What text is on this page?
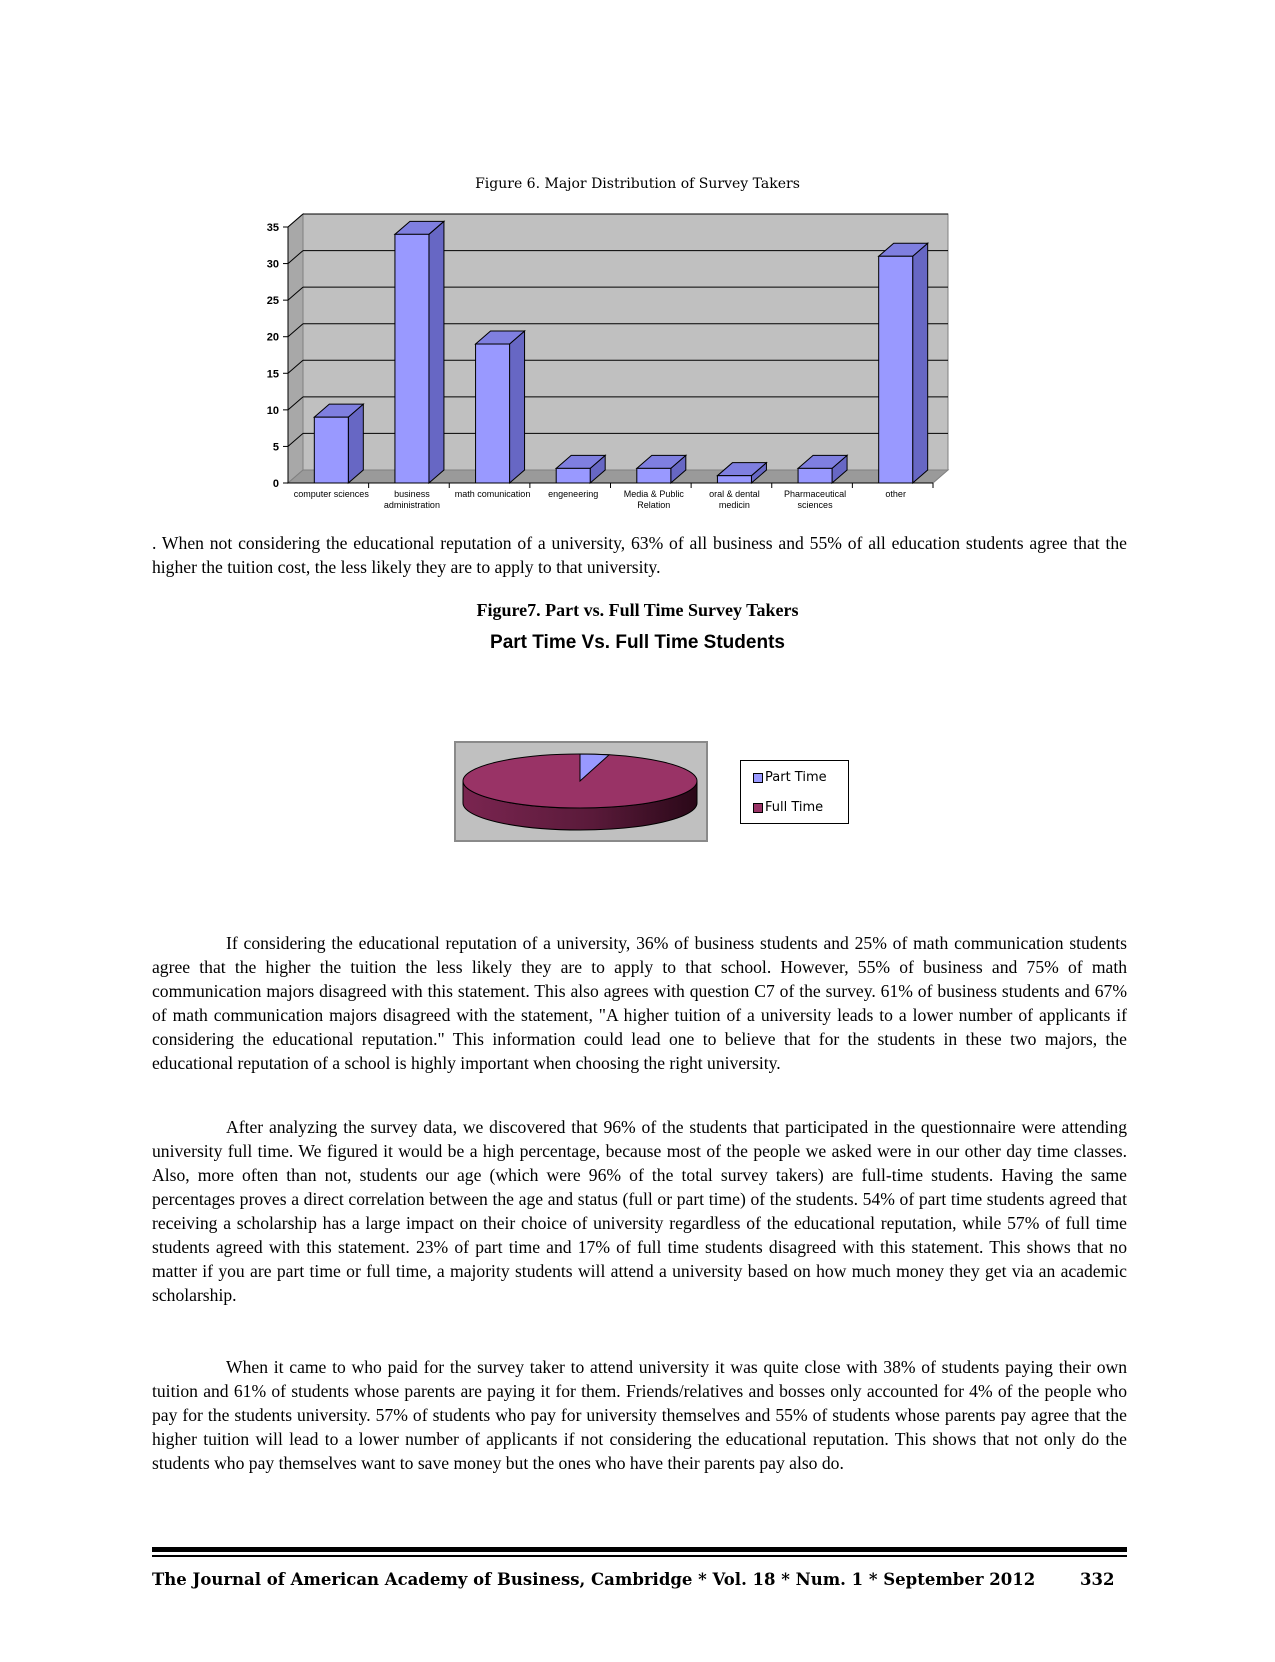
Figure 6. Major Distribution of Survey Takers
0
5
10
15
20
25
30
35
computer sciences	business administration
math comunication engeneering	Media & Public Relation
oral & dental medicin
Pharmaceutical sciences
other

. When not considering the educational reputation of a university, 63% of all business and 55% of all education students agree that the higher the tuition cost, the less likely they are to apply to that university.

Figure7. Part vs. Full Time Survey Takers
Part Time Vs. Full Time Students
Part Time
Full Time

If considering the educational reputation of a university, 36% of business students and 25% of math communication students agree that the higher the tuition the less likely they are to apply to that school. However, 55% of business and 75% of math communication majors disagreed with this statement. This also agrees with question C7 of the survey. 61% of business students and 67% of math communication majors disagreed with the statement, "A higher tuition of a university leads to a lower number of applicants if considering the educational reputation." This information could lead one to believe that for the students in these two majors, the educational reputation of a school is highly important when choosing the right university.

After analyzing the survey data, we discovered that 96% of the students that participated in the questionnaire were attending university full time. We figured it would be a high percentage, because most of the people we asked were in our other day time classes. Also, more often than not, students our age (which were 96% of the total survey takers) are full-time students. Having the same percentages proves a direct correlation between the age and status (full or part time) of the students. 54% of part time students agreed that receiving a scholarship has a large impact on their choice of university regardless of the educational reputation, while 57% of full time students agreed with this statement. 23% of part time and 17% of full time students disagreed with this statement. This shows that no matter if you are part time or full time, a majority students will attend a university based on how much money they get via an academic scholarship.

When it came to who paid for the survey taker to attend university it was quite close with 38% of students paying their own tuition and 61% of students whose parents are paying it for them. Friends/relatives and bosses only accounted for 4% of the people who pay for the students university. 57% of students who pay for university themselves and 55% of students whose parents pay agree that the higher tuition will lead to a lower number of applicants if not considering the educational reputation. This shows that not only do the students who pay themselves want to save money but the ones who have their parents pay also do.

The Journal of American Academy of Business, Cambridge * Vol. 18 * Num. 1 * September 2012	332
